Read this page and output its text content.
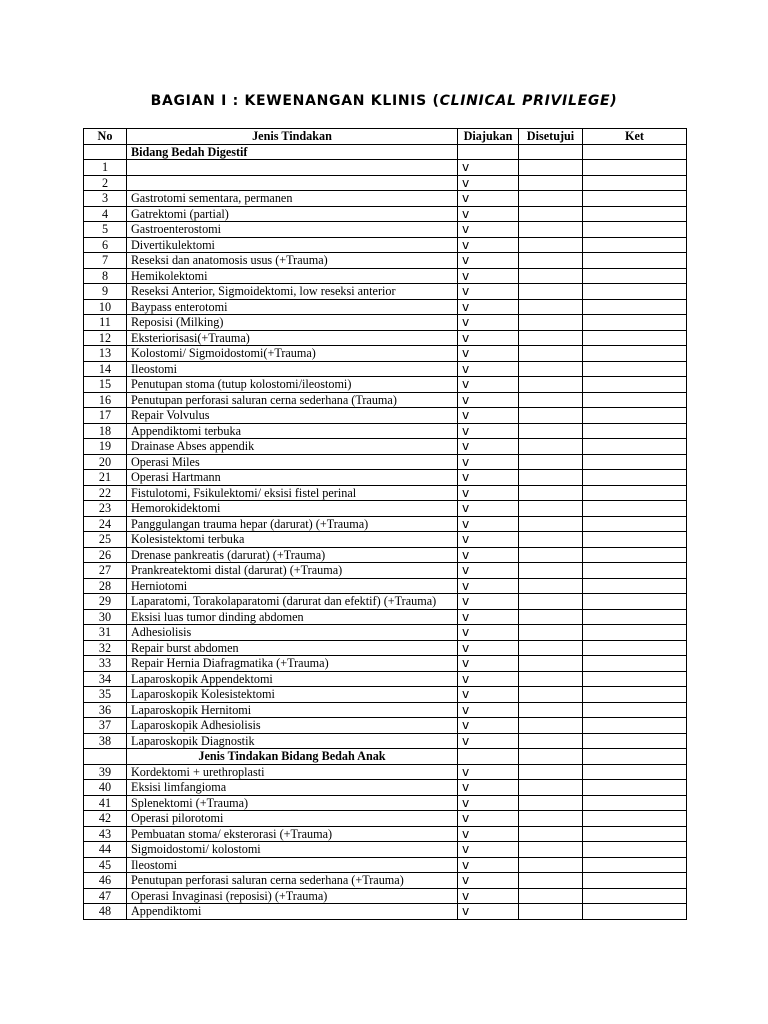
BAGIAN I : KEWENANGAN KLINIS (CLINICAL PRIVILEGE)
No	Jenis Tindakan	Diajukan	Disetujui	Ket
	Bidang Bedah Digestif			
1		v		
2		v		
3	Gastrotomi sementara, permanen	v		
4	Gatrektomi (partial)	v		
5	Gastroenterostomi	v		
6	Divertikulektomi	v		
7	Reseksi dan anatomosis usus (+Trauma)	v		
8	Hemikolektomi	v		
9	Reseksi Anterior, Sigmoidektomi, low reseksi anterior	v		
10	Baypass enterotomi	v		
11	Reposisi (Milking)	v		
12	Eksteriorisasi(+Trauma)	v		
13	Kolostomi/ Sigmoidostomi(+Trauma)	v		
14	Ileostomi	v		
15	Penutupan stoma (tutup kolostomi/ileostomi)	v		
16	Penutupan perforasi saluran cerna sederhana (Trauma)	v		
17	Repair Volvulus	v		
18	Appendiktomi terbuka	v		
19	Drainase Abses appendik	v		
20	Operasi Miles	v		
21	Operasi Hartmann	v		
22	Fistulotomi, Fsikulektomi/ eksisi fistel perinal	v		
23	Hemorokidektomi	v		
24	Panggulangan trauma hepar (darurat) (+Trauma)	v		
25	Kolesistektomi terbuka	v		
26	Drenase pankreatis (darurat) (+Trauma)	v		
27	Prankreatektomi distal (darurat) (+Trauma)	v		
28	Herniotomi	v		
29	Laparatomi, Torakolaparatomi (darurat dan efektif) (+Trauma)	v		
30	Eksisi luas tumor dinding abdomen	v		
31	Adhesiolisis	v		
32	Repair burst abdomen	v		
33	Repair Hernia Diafragmatika (+Trauma)	v		
34	Laparoskopik Appendektomi	v		
35	Laparoskopik Kolesistektomi	v		
36	Laparoskopik Hernitomi	v		
37	Laparoskopik Adhesiolisis	v		
38	Laparoskopik Diagnostik	v		
	Jenis Tindakan Bidang Bedah Anak			
39	Kordektomi + urethroplasti	v		
40	Eksisi limfangioma	v		
41	Splenektomi (+Trauma)	v		
42	Operasi pilorotomi	v		
43	Pembuatan stoma/ eksterorasi (+Trauma)	v		
44	Sigmoidostomi/ kolostomi	v		
45	Ileostomi	v		
46	Penutupan perforasi saluran cerna sederhana (+Trauma)	v		
47	Operasi Invaginasi (reposisi) (+Trauma)	v		
48	Appendiktomi	v		
